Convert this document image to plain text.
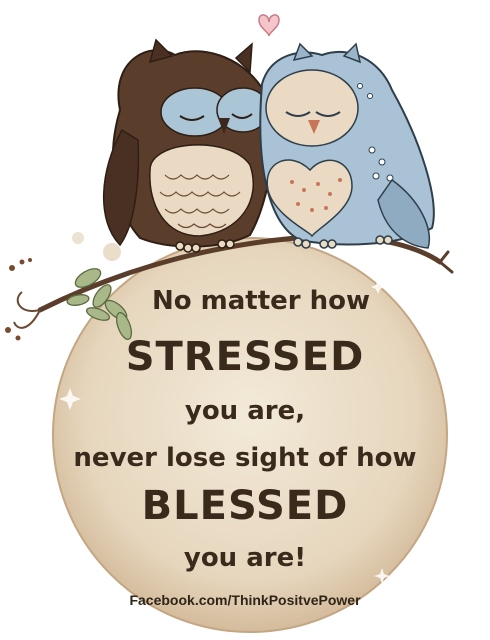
No matter how
STRESSED
you are,
never lose sight of how
BLESSED
you are!
Facebook.com/ThinkPositvePower
